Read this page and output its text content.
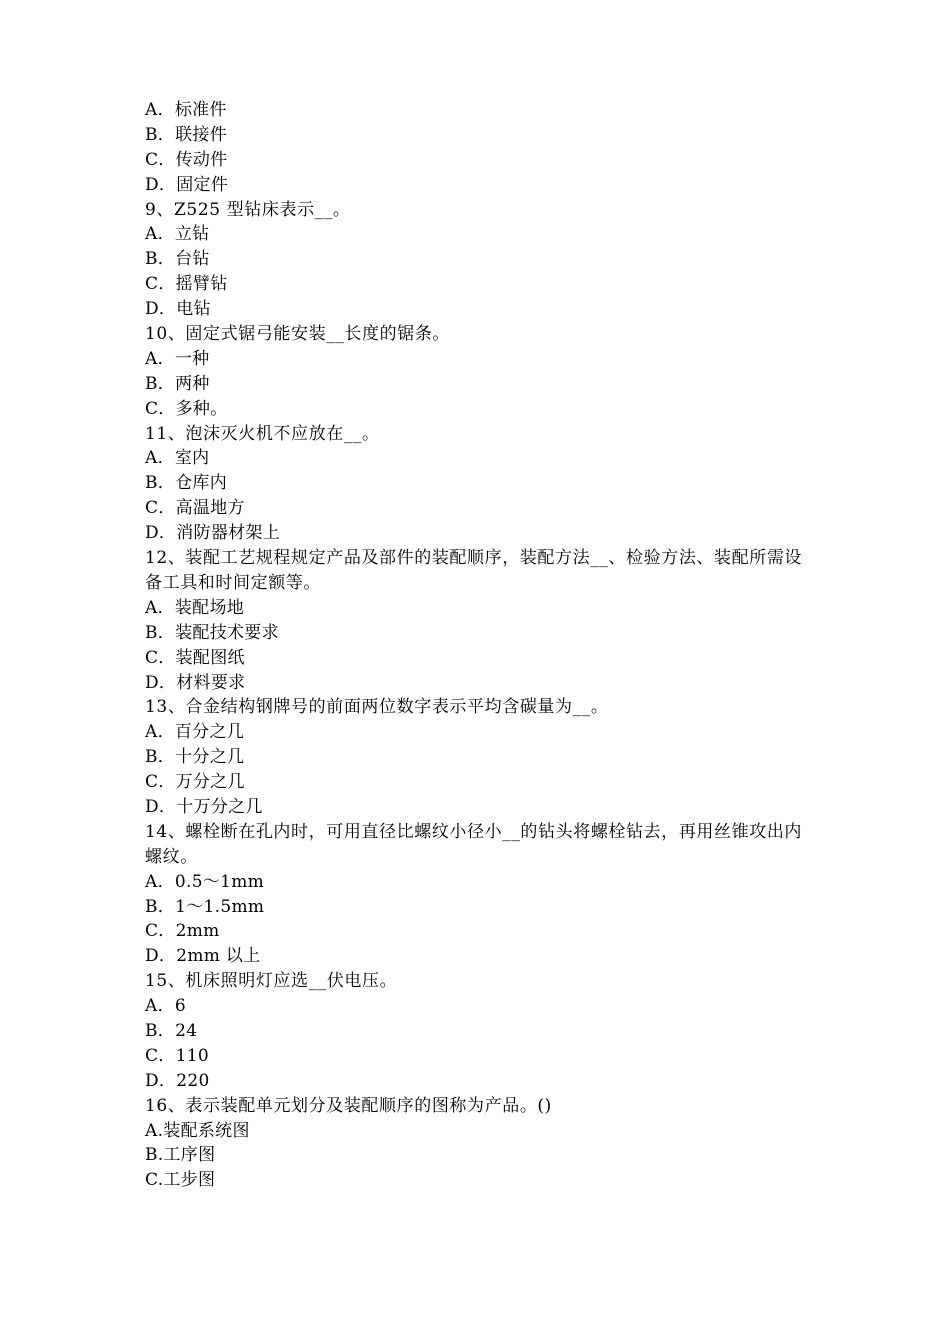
A．标准件
B．联接件
C．传动件
D．固定件
9、Z525 型钻床表示__。
A．立钻
B．台钻
C．摇臂钻
D．电钻
10、固定式锯弓能安装__长度的锯条。
A．一种
B．两种
C．多种。
11、泡沫灭火机不应放在__。
A．室内
B．仓库内
C．高温地方
D．消防器材架上
12、装配工艺规程规定产品及部件的装配顺序，装配方法__、检验方法、装配所需设备工具和时间定额等。
A．装配场地
B．装配技术要求
C．装配图纸
D．材料要求
13、合金结构钢牌号的前面两位数字表示平均含碳量为__。
A．百分之几
B．十分之几
C．万分之几
D．十万分之几
14、螺栓断在孔内时，可用直径比螺纹小径小__的钻头将螺栓钻去，再用丝锥攻出内螺纹。
A．0.5～1mm
B．1～1.5mm
C．2mm
D．2mm 以上
15、机床照明灯应选__伏电压。
A．6
B．24
C．110
D．220
16、表示装配单元划分及装配顺序的图称为产品。()
A.装配系统图
B.工序图
C.工步图
